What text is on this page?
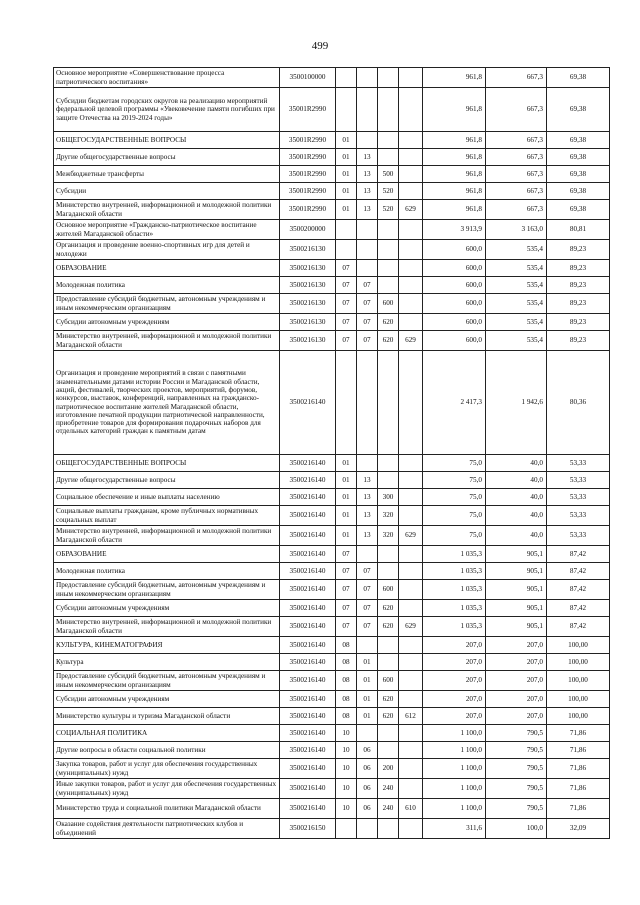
499
Основное мероприятие «Совершенствование процесса патриотического воспитания»	3500100000					961,8	667,3	69,38
Субсидии бюджетам городских округов на реализацию мероприятий федеральной целевой программы «Увековечение памяти погибших при защите Отечества на 2019-2024 годы»	35001R2990					961,8	667,3	69,38
ОБЩЕГОСУДАРСТВЕННЫЕ ВОПРОСЫ	35001R2990	01				961,8	667,3	69,38
Другие общегосударственные вопросы	35001R2990	01	13			961,8	667,3	69,38
Межбюджетные трансферты	35001R2990	01	13	500		961,8	667,3	69,38
Субсидии	35001R2990	01	13	520		961,8	667,3	69,38
Министерство внутренней, информационной и молодежной политики Магаданской области	35001R2990	01	13	520	629	961,8	667,3	69,38
Основное мероприятие «Гражданско-патриотическое воспитание жителей Магаданской области»	3500200000					3 913,9	3 163,0	80,81
Организация и проведение военно-спортивных игр для детей и молодежи	3500216130					600,0	535,4	89,23
ОБРАЗОВАНИЕ	3500216130	07				600,0	535,4	89,23
Молодежная политика	3500216130	07	07			600,0	535,4	89,23
Предоставление субсидий бюджетным, автономным учреждениям и иным некоммерческим организациям	3500216130	07	07	600		600,0	535,4	89,23
Субсидии автономным учреждениям	3500216130	07	07	620		600,0	535,4	89,23
Министерство внутренней, информационной и молодежной политики Магаданской области	3500216130	07	07	620	629	600,0	535,4	89,23
Организация и проведение мероприятий в связи с памятными знаменательными датами истории России и Магаданской области, акций, фестивалей, творческих проектов, мероприятий, форумов, конкурсов, выставок, конференций, направленных на гражданско-патриотическое воспитание жителей Магаданской области, изготовление печатной продукции патриотической направленности, приобретение товаров для формирования подарочных наборов для отдельных категорий граждан к памятным датам	3500216140					2 417,3	1 942,6	80,36
ОБЩЕГОСУДАРСТВЕННЫЕ ВОПРОСЫ	3500216140	01				75,0	40,0	53,33
Другие общегосударственные вопросы	3500216140	01	13			75,0	40,0	53,33
Социальное обеспечение и иные выплаты населению	3500216140	01	13	300		75,0	40,0	53,33
Социальные выплаты гражданам, кроме публичных нормативных социальных выплат	3500216140	01	13	320		75,0	40,0	53,33
Министерство внутренней, информационной и молодежной политики Магаданской области	3500216140	01	13	320	629	75,0	40,0	53,33
ОБРАЗОВАНИЕ	3500216140	07				1 035,3	905,1	87,42
Молодежная политика	3500216140	07	07			1 035,3	905,1	87,42
Предоставление субсидий бюджетным, автономным учреждениям и иным некоммерческим организациям	3500216140	07	07	600		1 035,3	905,1	87,42
Субсидии автономным учреждениям	3500216140	07	07	620		1 035,3	905,1	87,42
Министерство внутренней, информационной и молодежной политики Магаданской области	3500216140	07	07	620	629	1 035,3	905,1	87,42
КУЛЬТУРА, КИНЕМАТОГРАФИЯ	3500216140	08				207,0	207,0	100,00
Культура	3500216140	08	01			207,0	207,0	100,00
Предоставление субсидий бюджетным, автономным учреждениям и иным некоммерческим организациям	3500216140	08	01	600		207,0	207,0	100,00
Субсидии автономным учреждениям	3500216140	08	01	620		207,0	207,0	100,00
Министерство культуры и туризма Магаданской области	3500216140	08	01	620	612	207,0	207,0	100,00
СОЦИАЛЬНАЯ ПОЛИТИКА	3500216140	10				1 100,0	790,5	71,86
Другие вопросы в области социальной политики	3500216140	10	06			1 100,0	790,5	71,86
Закупка товаров, работ и услуг для обеспечения государственных (муниципальных) нужд	3500216140	10	06	200		1 100,0	790,5	71,86
Иные закупки товаров, работ и услуг для обеспечения государственных (муниципальных) нужд	3500216140	10	06	240		1 100,0	790,5	71,86
Министерство труда и социальной политики Магаданской области	3500216140	10	06	240	610	1 100,0	790,5	71,86
Оказание содействия деятельности патриотических клубов и объединений	3500216150					311,6	100,0	32,09
